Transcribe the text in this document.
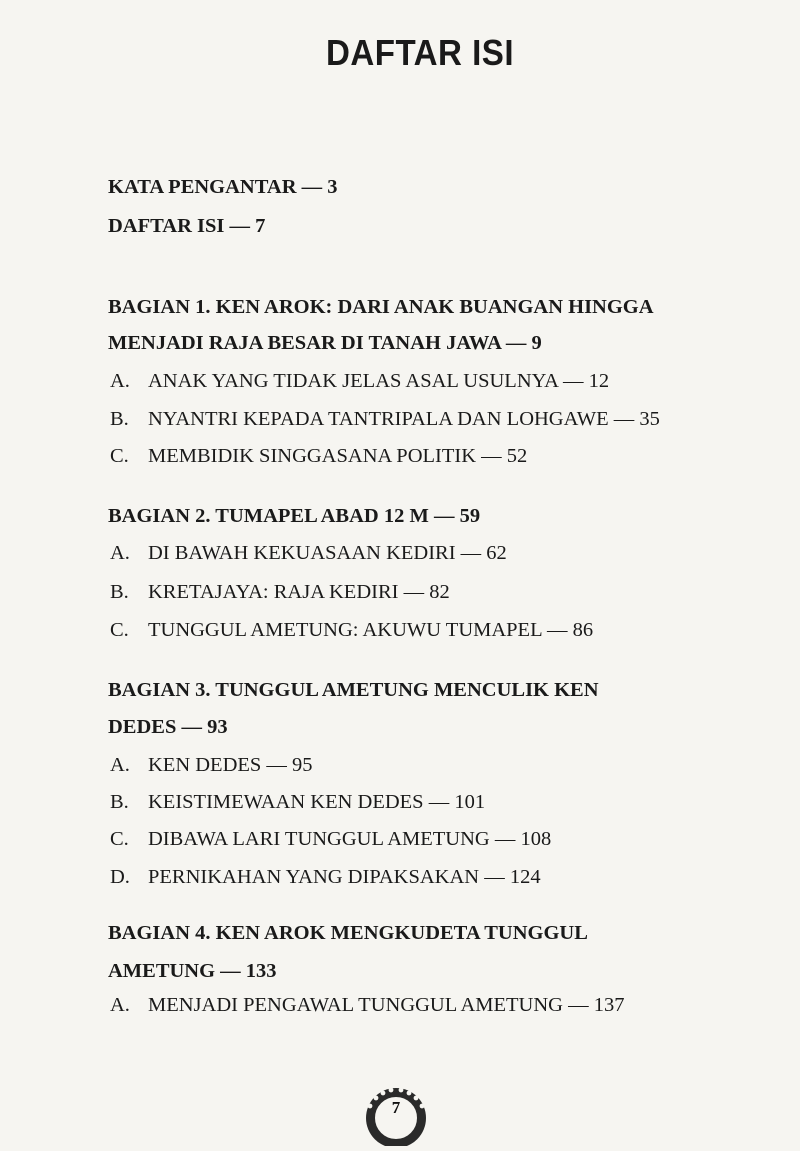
DAFTAR ISI
KATA PENGANTAR — 3
DAFTAR ISI — 7
BAGIAN 1. KEN AROK: DARI ANAK BUANGAN HINGGA
MENJADI RAJA BESAR DI TANAH JAWA — 9
A. ANAK YANG TIDAK JELAS ASAL USULNYA — 12
B. NYANTRI KEPADA TANTRIPALA DAN LOHGAWE — 35
C. MEMBIDIK SINGGASANA POLITIK — 52
BAGIAN 2. TUMAPEL ABAD 12 M — 59
A. DI BAWAH KEKUASAAN KEDIRI — 62
B. KRETAJAYA: RAJA KEDIRI — 82
C. TUNGGUL AMETUNG: AKUWU TUMAPEL — 86
BAGIAN 3. TUNGGUL AMETUNG MENCULIK KEN
DEDES — 93
A. KEN DEDES — 95
B. KEISTIMEWAAN KEN DEDES — 101
C. DIBAWA LARI TUNGGUL AMETUNG — 108
D. PERNIKAHAN YANG DIPAKSAKAN — 124
BAGIAN 4. KEN AROK MENGKUDETA TUNGGUL
AMETUNG — 133
A. MENJADI PENGAWAL TUNGGUL AMETUNG — 137
7
